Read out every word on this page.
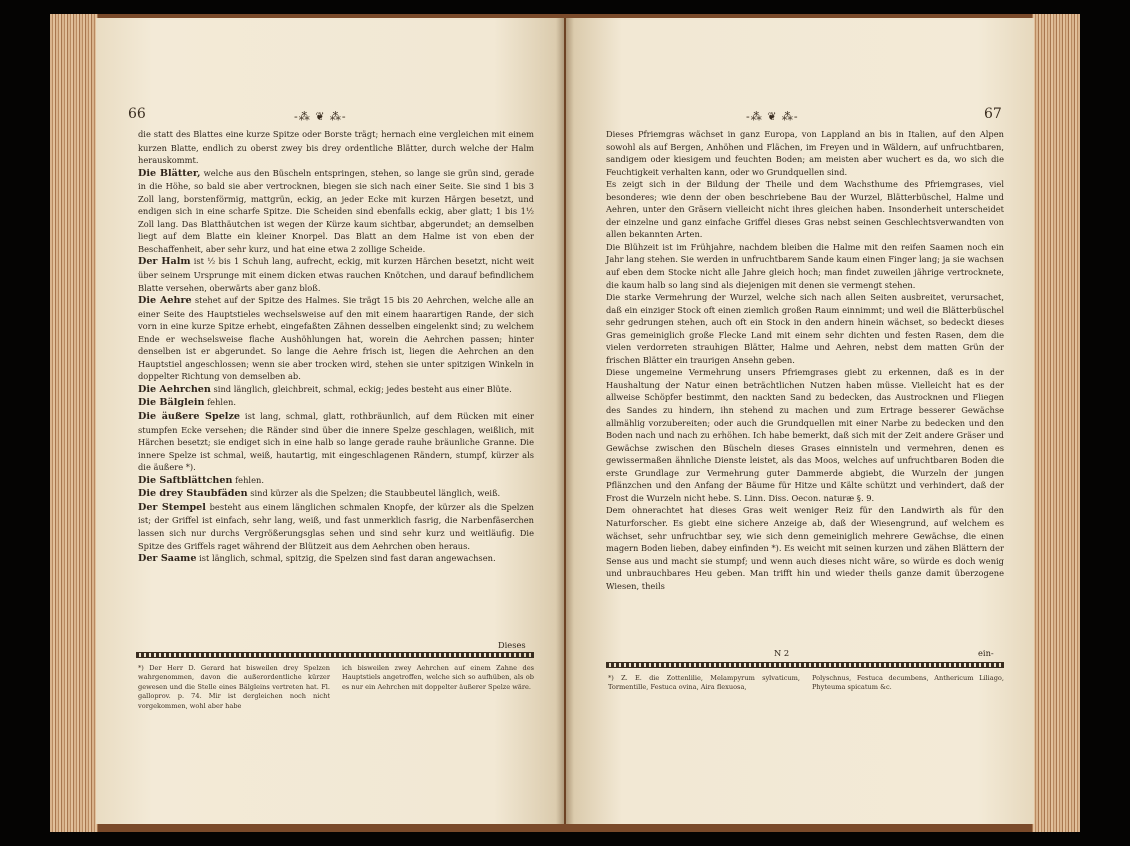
66	-⁂ ❦ ⁂-

die statt des Blattes eine kurze Spitze oder Borste trägt; hernach eine vergleichen mit einem kurzen Blatte, endlich zu oberst zwey bis drey ordentliche Blätter, durch welche der Halm herauskommt.

Die Blätter, welche aus den Büscheln entspringen, stehen, so lange sie grün sind, gerade in die Höhe, so bald sie aber vertrocknen, biegen sie sich nach einer Seite. Sie sind 1 bis 3 Zoll lang, borstenförmig, mattgrün, eckig, an jeder Ecke mit kurzen Härgen besetzt, und endigen sich in eine scharfe Spitze. Die Scheiden sind ebenfalls eckig, aber glatt; 1 bis 1½ Zoll lang. Das Blatthäutchen ist wegen der Kürze kaum sichtbar, abgerundet; an demselben liegt auf dem Blatte ein kleiner Knorpel. Das Blatt an dem Halme ist von eben der Beschaffenheit, aber sehr kurz, und hat eine etwa 2 zollige Scheide.

Der Halm ist ½ bis 1 Schuh lang, aufrecht, eckig, mit kurzen Härchen besetzt, nicht weit über seinem Ursprunge mit einem dicken etwas rauchen Knötchen, und darauf befindlichem Blatte versehen, oberwärts aber ganz bloß.

Die Aehre stehet auf der Spitze des Halmes. Sie trägt 15 bis 20 Aehrchen, welche alle an einer Seite des Hauptstieles wechselsweise auf den mit einem haarartigen Rande, der sich vorn in eine kurze Spitze erhebt, eingefaßten Zähnen desselben eingelenkt sind; zu welchem Ende er wechselsweise flache Aushöhlungen hat, worein die Aehrchen passen; hinter denselben ist er abgerundet. So lange die Aehre frisch ist, liegen die Aehrchen an den Hauptstiel angeschlossen; wenn sie aber trocken wird, stehen sie unter spitzigen Winkeln in doppelter Richtung von demselben ab.

Die Aehrchen sind länglich, gleichbreit, schmal, eckig; jedes besteht aus einer Blüte.

Die Bälglein fehlen.

Die äußere Spelze ist lang, schmal, glatt, rothbräunlich, auf dem Rücken mit einer stumpfen Ecke versehen; die Ränder sind über die innere Spelze geschlagen, weißlich, mit Härchen besetzt; sie endiget sich in eine halb so lange gerade rauhe bräunliche Granne. Die innere Spelze ist schmal, weiß, hautartig, mit eingeschlagenen Rändern, stumpf, kürzer als die äußere *).

Die Saftblättchen fehlen.

Die drey Staubfäden sind kürzer als die Spelzen; die Staubbeutel länglich, weiß.

Der Stempel besteht aus einem länglichen schmalen Knopfe, der kürzer als die Spelzen ist; der Griffel ist einfach, sehr lang, weiß, und fast unmerklich fasrig, die Narbenfäserchen lassen sich nur durchs Vergrößerungsglas sehen und sind sehr kurz und weitläufig. Die Spitze des Griffels raget während der Blützeit aus dem Aehrchen oben heraus.

Der Saame ist länglich, schmal, spitzig, die Spelzen sind fast daran angewachsen.

Dieses
*) Der Herr D. Gerard hat bisweilen drey Spelzen wahrgenommen, davon die außerordentliche kürzer gewesen und die Stelle eines Bälgleins vertreten hat. Fl. galloprov. p. 74. Mir ist dergleichen noch nicht vorgekommen, wohl aber habe
ich bisweilen zwey Aehrchen auf einem Zahne des Hauptstiels angetroffen, welche sich so aufhüben, als ob es nur ein Aehrchen mit doppelter äußerer Spelze wäre.
-⁂ ❦ ⁂-	67

Dieses Pfriemgras wächset in ganz Europa, von Lappland an bis in Italien, auf den Alpen sowohl als auf Bergen, Anhöhen und Flächen, im Freyen und in Wäldern, auf unfruchtbaren, sandigem oder kiesigem und feuchten Boden; am meisten aber wuchert es da, wo sich die Feuchtigkeit verhalten kann, oder wo Grundquellen sind.

Es zeigt sich in der Bildung der Theile und dem Wachsthume des Pfriemgrases, viel besonderes; wie denn der oben beschriebene Bau der Wurzel, Blätterbüschel, Halme und Aehren, unter den Gräsern vielleicht nicht ihres gleichen haben. Insonderheit unterscheidet der einzelne und ganz einfache Griffel dieses Gras nebst seinen Geschlechtsverwandten von allen bekannten Arten.

Die Blühzeit ist im Frühjahre, nachdem bleiben die Halme mit den reifen Saamen noch ein Jahr lang stehen. Sie werden in unfruchtbarem Sande kaum einen Finger lang; ja sie wachsen auf eben dem Stocke nicht alle Jahre gleich hoch; man findet zuweilen jährige vertrocknete, die kaum halb so lang sind als diejenigen mit denen sie vermengt stehen.

Die starke Vermehrung der Wurzel, welche sich nach allen Seiten ausbreitet, verursachet, daß ein einziger Stock oft einen ziemlich großen Raum einnimmt; und weil die Blätterbüschel sehr gedrungen stehen, auch oft ein Stock in den andern hinein wächset, so bedeckt dieses Gras gemeiniglich große Flecke Land mit einem sehr dichten und festen Rasen, dem die vielen verdorreten strauhigen Blätter, Halme und Aehren, nebst dem matten Grün der frischen Blätter ein traurigen Ansehn geben.

Diese ungemeine Vermehrung unsers Pfriemgrases giebt zu erkennen, daß es in der Haushaltung der Natur einen beträchtlichen Nutzen haben müsse. Vielleicht hat es der allweise Schöpfer bestimmt, den nackten Sand zu bedecken, das Austrocknen und Fliegen des Sandes zu hindern, ihn stehend zu machen und zum Ertrage besserer Gewächse allmählig vorzubereiten; oder auch die Grundquellen mit einer Narbe zu bedecken und den Boden nach und nach zu erhöhen. Ich habe bemerkt, daß sich mit der Zeit andere Gräser und Gewächse zwischen den Büscheln dieses Grases einnisteln und vermehren, denen es gewissermaßen ähnliche Dienste leistet, als das Moos, welches auf unfruchtbaren Boden die erste Grundlage zur Vermehrung guter Dammerde abgiebt, die Wurzeln der jungen Pflänzchen und den Anfang der Bäume für Hitze und Kälte schützt und verhindert, daß der Frost die Wurzeln nicht hebe. S. Linn. Diss. Oecon. naturæ §. 9.

Dem ohnerachtet hat dieses Gras weit weniger Reiz für den Landwirth als für den Naturforscher. Es giebt eine sichere Anzeige ab, daß der Wiesengrund, auf welchem es wächset, sehr unfruchtbar sey, wie sich denn gemeiniglich mehrere Gewächse, die einen magern Boden lieben, dabey einfinden *). Es weicht mit seinen kurzen und zähen Blättern der Sense aus und macht sie stumpf; und wenn auch dieses nicht wäre, so würde es doch wenig und unbrauchbares Heu geben. Man trifft hin und wieder theils ganze damit überzogene Wiesen, theils

N 2	ein-
*) Z. E. die Zottenlilie, Melampyrum sylvaticum, Tormentille, Festuca ovina, Aira flexuosa,
Polyschnus, Festuca decumbens, Anthericum Liliago, Phyteuma spicatum &c.
